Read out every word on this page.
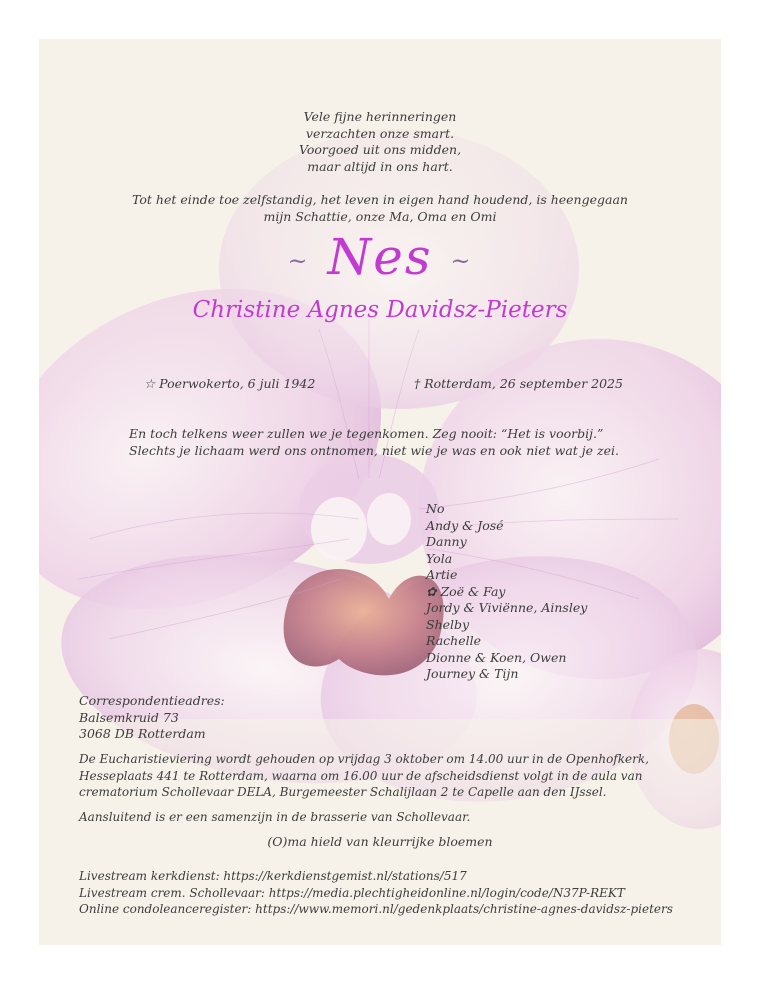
Vele fijne herinneringen
verzachten onze smart.
Voorgoed uit ons midden,
maar altijd in ons hart.
Tot het einde toe zelfstandig, het leven in eigen hand houdend, is heengegaan
mijn Schattie, onze Ma, Oma en Omi
~ Nes ~
Christine Agnes Davidsz-Pieters
☆ Poerwokerto, 6 juli 1942	† Rotterdam, 26 september 2025
En toch telkens weer zullen we je tegenkomen. Zeg nooit: “Het is voorbij.”
Slechts je lichaam werd ons ontnomen, niet wie je was en ook niet wat je zei.
No
Andy & José
Danny
Yola
Artie
✿ Zoë & Fay
Jordy & Viviënne, Ainsley
Shelby
Rachelle
Dionne & Koen, Owen
Journey & Tijn
Correspondentieadres:
Balsemkruid 73
3068 DB Rotterdam
De Eucharistieviering wordt gehouden op vrijdag 3 oktober om 14.00 uur in de Openhofkerk,
Hesseplaats 441 te Rotterdam, waarna om 16.00 uur de afscheidsdienst volgt in de aula van
crematorium Schollevaar DELA, Burgemeester Schalijlaan 2 te Capelle aan den IJssel.
Aansluitend is er een samenzijn in de brasserie van Schollevaar.
(O)ma hield van kleurrijke bloemen
Livestream kerkdienst: https://kerkdienstgemist.nl/stations/517
Livestream crem. Schollevaar: https://media.plechtigheidonline.nl/login/code/N37P-REKT
Online condoleanceregister: https://www.memori.nl/gedenkplaats/christine-agnes-davidsz-pieters
